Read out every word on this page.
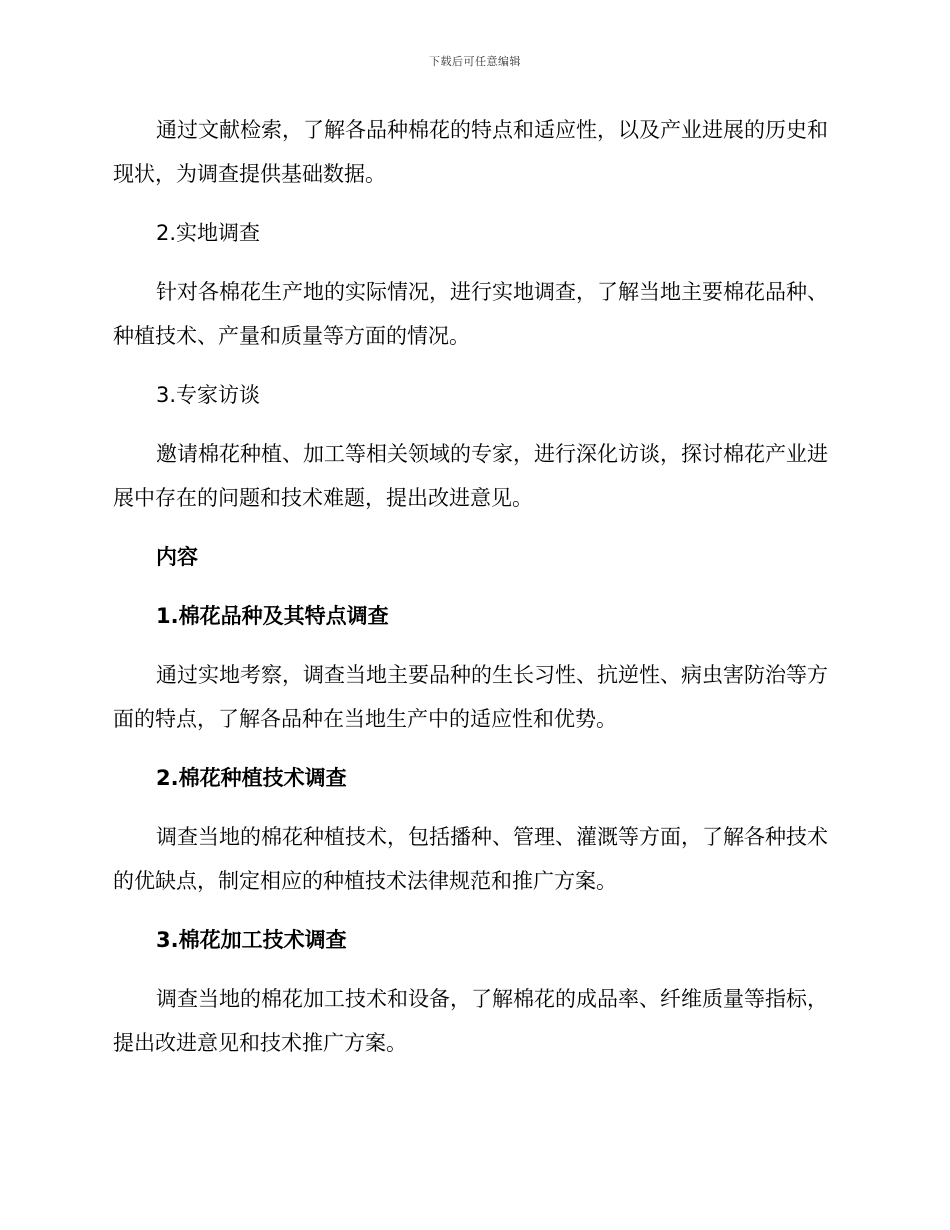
下载后可任意编辑

通过文献检索，了解各品种棉花的特点和适应性，以及产业进展的历史和现状，为调查提供基础数据。

2.实地调查

针对各棉花生产地的实际情况，进行实地调查，了解当地主要棉花品种、种植技术、产量和质量等方面的情况。

3.专家访谈

邀请棉花种植、加工等相关领域的专家，进行深化访谈，探讨棉花产业进展中存在的问题和技术难题，提出改进意见。

内容

1.棉花品种及其特点调查

通过实地考察，调查当地主要品种的生长习性、抗逆性、病虫害防治等方面的特点，了解各品种在当地生产中的适应性和优势。

2.棉花种植技术调查

调查当地的棉花种植技术，包括播种、管理、灌溉等方面，了解各种技术的优缺点，制定相应的种植技术法律规范和推广方案。

3.棉花加工技术调查

调查当地的棉花加工技术和设备，了解棉花的成品率、纤维质量等指标，提出改进意见和技术推广方案。
